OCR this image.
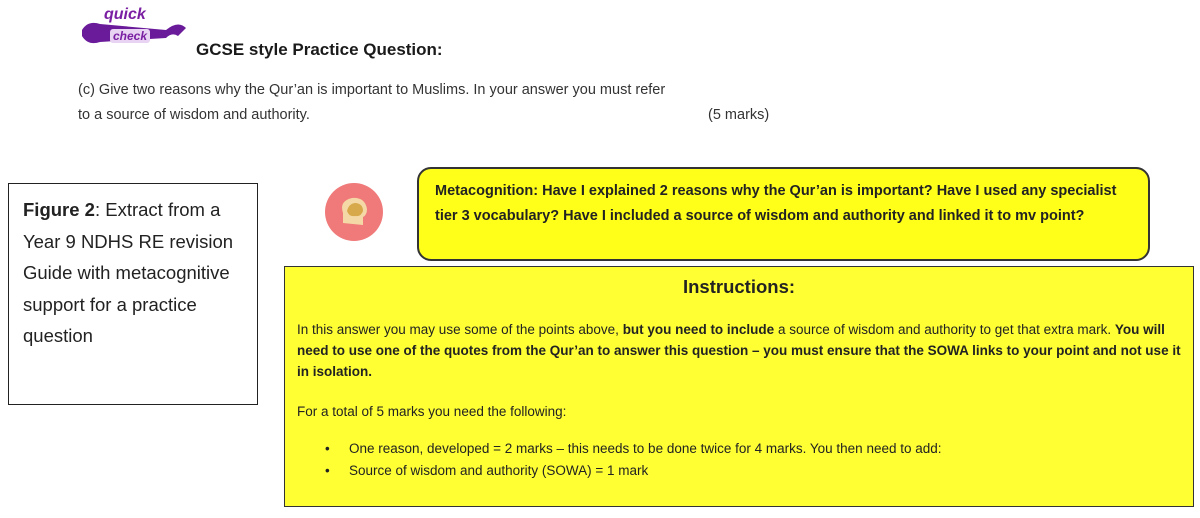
quick
check
GCSE style Practice Question:
(c) Give two reasons why the Qur’an is important to Muslims. In your answer you must refer
to a source of wisdom and authority.	(5 marks)
Figure 2: Extract from a Year 9 NDHS RE revision Guide with metacognitive support for a practice question
Metacognition: Have I explained 2 reasons why the Qur’an is important? Have I used any specialist tier 3 vocabulary? Have I included a source of wisdom and authority and linked it to mv point?
Instructions:
In this answer you may use some of the points above, but you need to include a source of wisdom and authority to get that extra mark. You will need to use one of the quotes from the Qur’an to answer this question – you must ensure that the SOWA links to your point and not use it in isolation.
For a total of 5 marks you need the following:
• One reason, developed = 2 marks – this needs to be done twice for 4 marks. You then need to add:
• Source of wisdom and authority (SOWA) = 1 mark
